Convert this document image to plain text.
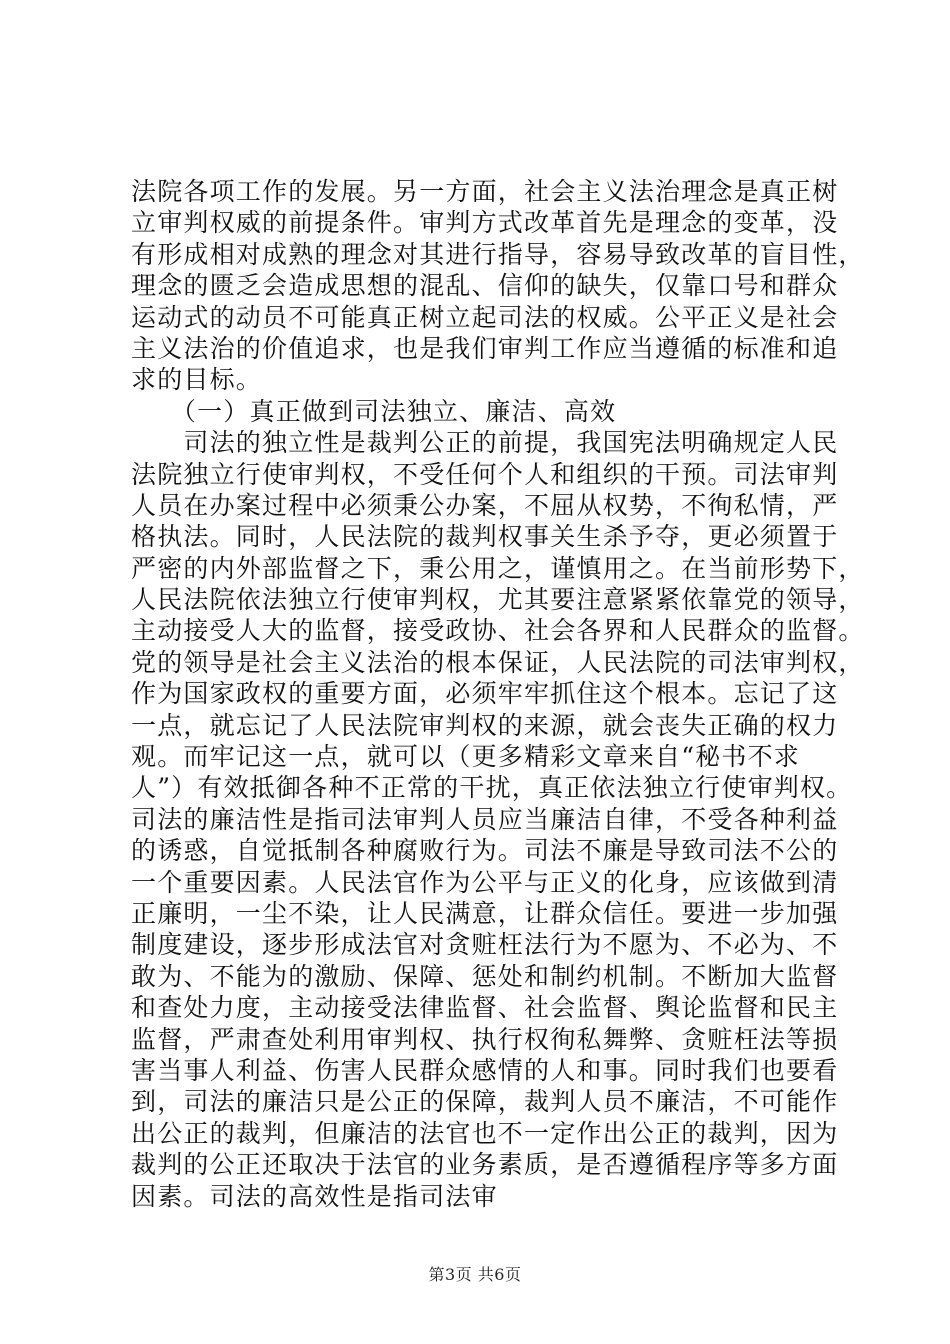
法院各项工作的发展。另一方面，社会主义法治理念是真正树
立审判权威的前提条件。审判方式改革首先是理念的变革，没
有形成相对成熟的理念对其进行指导，容易导致改革的盲目性，
理念的匮乏会造成思想的混乱、信仰的缺失，仅靠口号和群众
运动式的动员不可能真正树立起司法的权威。公平正义是社会
主义法治的价值追求，也是我们审判工作应当遵循的标准和追
求的目标。
　　（一）真正做到司法独立、廉洁、高效
　　司法的独立性是裁判公正的前提，我国宪法明确规定人民
法院独立行使审判权，不受任何个人和组织的干预。司法审判
人员在办案过程中必须秉公办案，不屈从权势，不徇私情，严
格执法。同时，人民法院的裁判权事关生杀予夺，更必须置于
严密的内外部监督之下，秉公用之，谨慎用之。在当前形势下，
人民法院依法独立行使审判权，尤其要注意紧紧依靠党的领导，
主动接受人大的监督，接受政协、社会各界和人民群众的监督。
党的领导是社会主义法治的根本保证，人民法院的司法审判权，
作为国家政权的重要方面，必须牢牢抓住这个根本。忘记了这
一点，就忘记了人民法院审判权的来源，就会丧失正确的权力
观。而牢记这一点，就可以（更多精彩文章来自“秘书不求
人”）有效抵御各种不正常的干扰，真正依法独立行使审判权。
司法的廉洁性是指司法审判人员应当廉洁自律，不受各种利益
的诱惑，自觉抵制各种腐败行为。司法不廉是导致司法不公的
一个重要因素。人民法官作为公平与正义的化身，应该做到清
正廉明，一尘不染，让人民满意，让群众信任。要进一步加强
制度建设，逐步形成法官对贪赃枉法行为不愿为、不必为、不
敢为、不能为的激励、保障、惩处和制约机制。不断加大监督
和查处力度，主动接受法律监督、社会监督、舆论监督和民主
监督，严肃查处利用审判权、执行权徇私舞弊、贪赃枉法等损
害当事人利益、伤害人民群众感情的人和事。同时我们也要看
到，司法的廉洁只是公正的保障，裁判人员不廉洁，不可能作
出公正的裁判，但廉洁的法官也不一定作出公正的裁判，因为
裁判的公正还取决于法官的业务素质，是否遵循程序等多方面
因素。司法的高效性是指司法审
第3页 共6页
